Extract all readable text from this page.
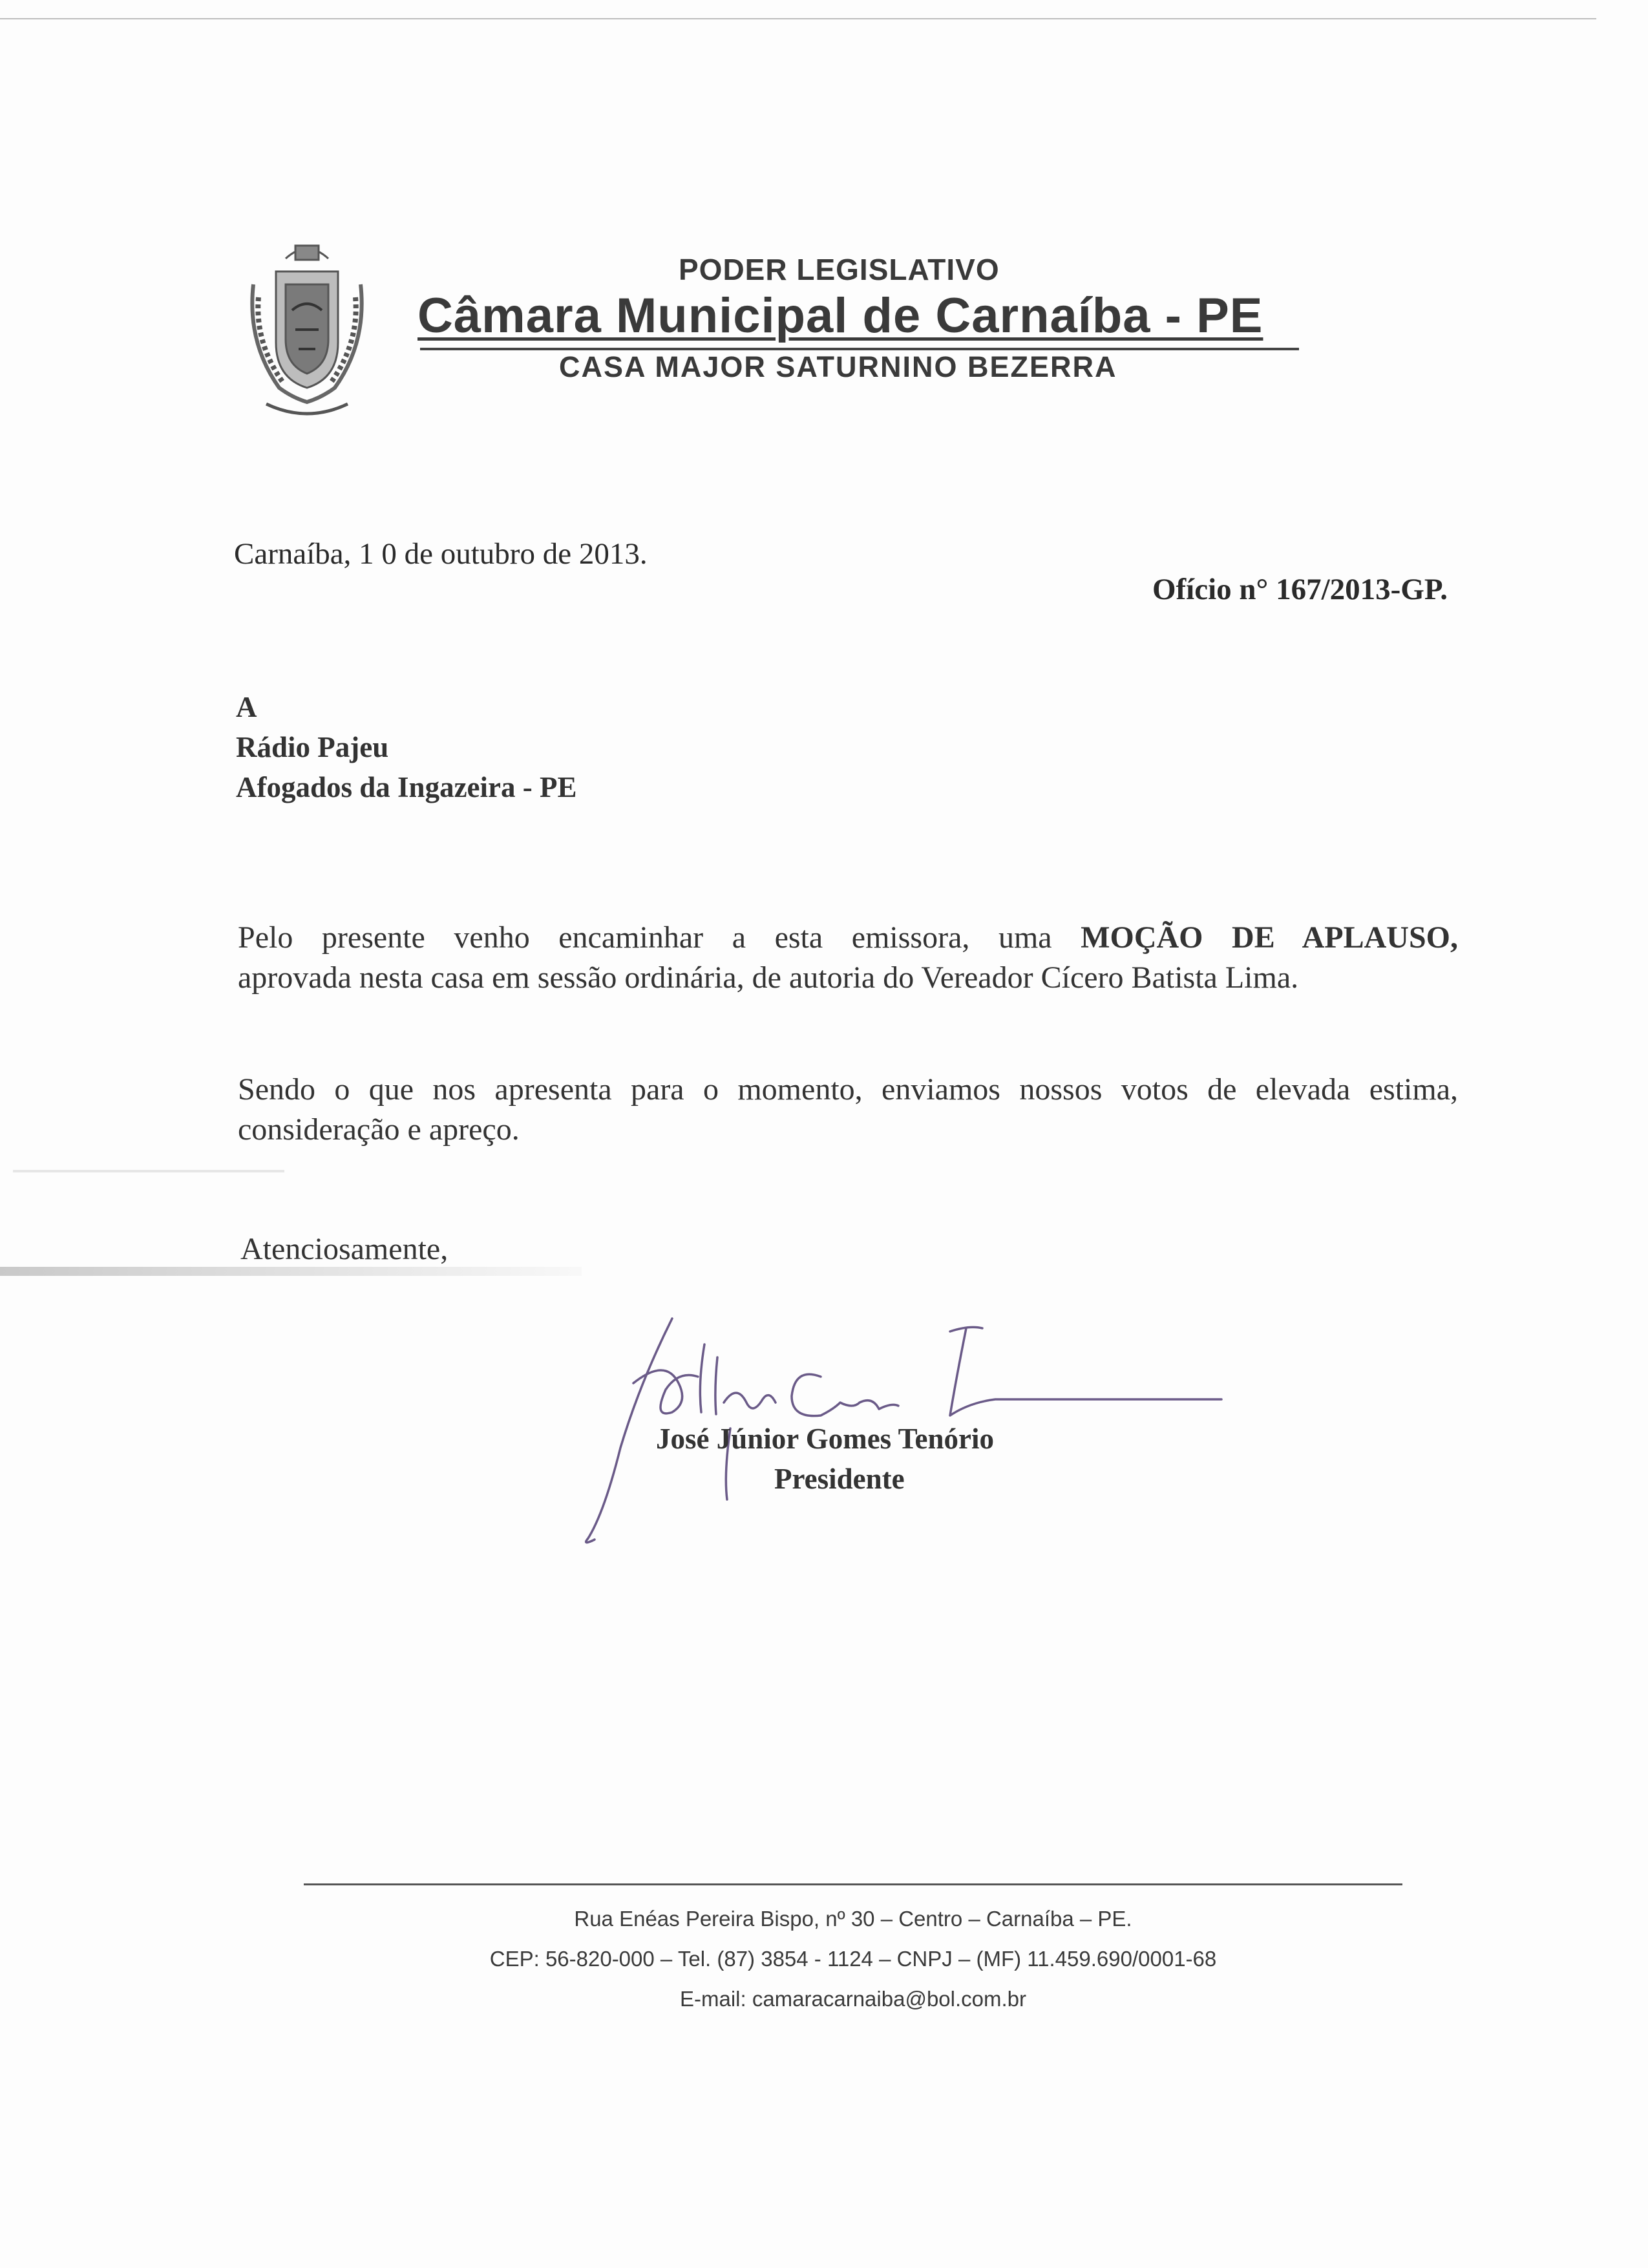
PODER LEGISLATIVO
Câmara Municipal de Carnaíba - PE
CASA MAJOR SATURNINO BEZERRA
Carnaíba, 1 0 de outubro de 2013.
Ofício n° 167/2013-GP.
A
Rádio Pajeu
Afogados da Ingazeira - PE
Pelo presente venho encaminhar a esta emissora, uma MOÇÃO DE APLAUSO,
aprovada nesta casa em sessão ordinária, de autoria do Vereador Cícero Batista Lima.
Sendo o que nos apresenta para o momento, enviamos nossos votos de elevada estima,
consideração e apreço.
Atenciosamente,
José Júnior Gomes Tenório
Presidente
Rua Enéas Pereira Bispo, nº 30 – Centro – Carnaíba – PE.
CEP: 56-820-000 – Tel. (87) 3854 - 1124 – CNPJ – (MF) 11.459.690/0001-68
E-mail: camaracarnaiba@bol.com.br
